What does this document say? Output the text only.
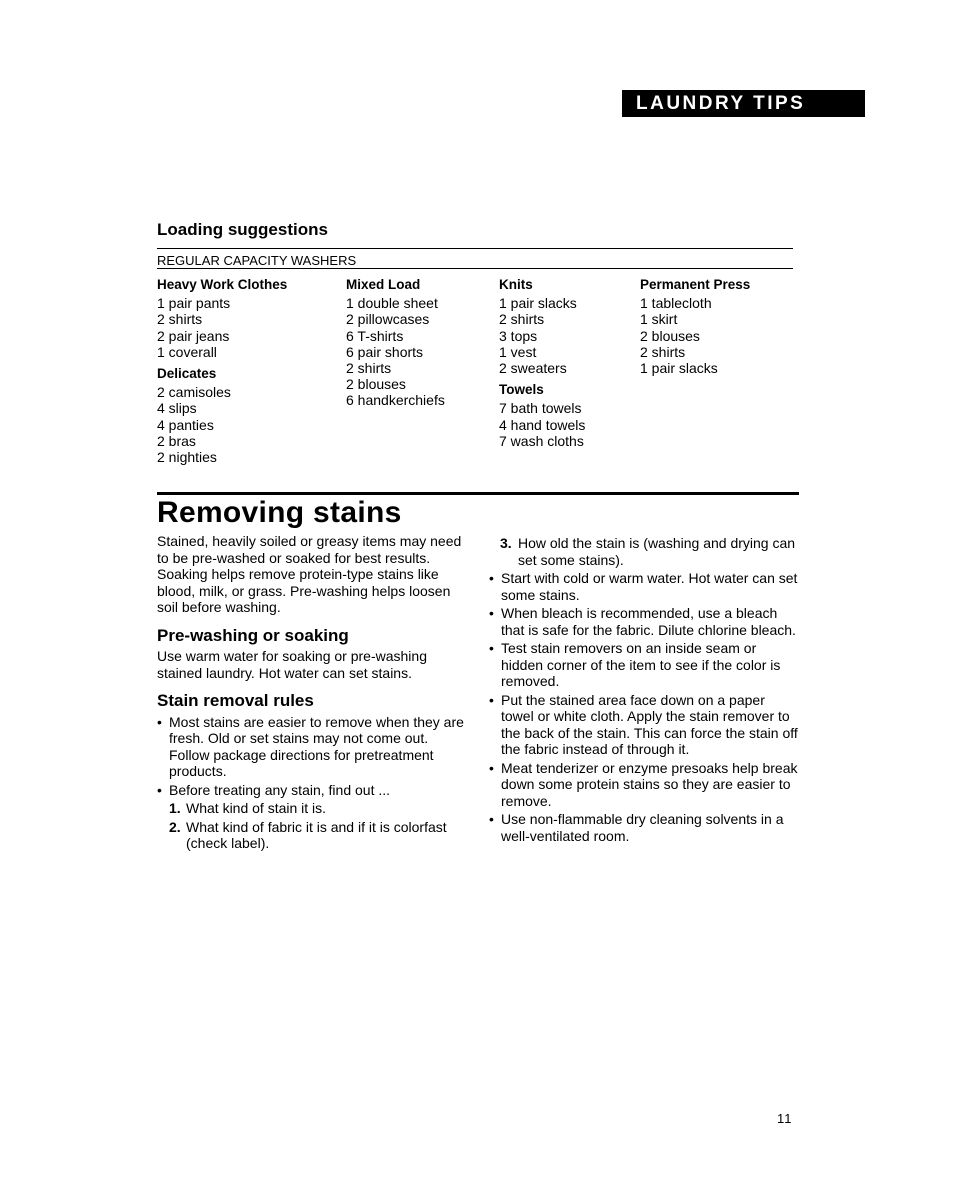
LAUNDRY TIPS
Loading suggestions
REGULAR CAPACITY WASHERS
Heavy Work Clothes
1 pair pants
2 shirts
2 pair jeans
1 coverall
Delicates
2 camisoles
4 slips
4 panties
2 bras
2 nighties
Mixed Load
1 double sheet
2 pillowcases
6 T-shirts
6 pair shorts
2 shirts
2 blouses
6 handkerchiefs
Knits
1 pair slacks
2 shirts
3 tops
1 vest
2 sweaters
Towels
7 bath towels
4 hand towels
7 wash cloths
Permanent Press
1 tablecloth
1 skirt
2 blouses
2 shirts
1 pair slacks
Removing stains

Stained, heavily soiled or greasy items may need to be pre-washed or soaked for best results. Soaking helps remove protein-type stains like blood, milk, or grass. Pre-washing helps loosen soil before washing.

Pre-washing or soaking

Use warm water for soaking or pre-washing stained laundry. Hot water can set stains.

Stain removal rules

• Most stains are easier to remove when they are fresh. Old or set stains may not come out. Follow package directions for pretreatment products.

• Before treating any stain, find out ...

1. What kind of stain it is.

2. What kind of fabric it is and if it is colorfast (check label).

3. How old the stain is (washing and drying can set some stains).

• Start with cold or warm water. Hot water can set some stains.

• When bleach is recommended, use a bleach that is safe for the fabric. Dilute chlorine bleach.

• Test stain removers on an inside seam or hidden corner of the item to see if the color is removed.

• Put the stained area face down on a paper towel or white cloth. Apply the stain remover to the back of the stain. This can force the stain off the fabric instead of through it.

• Meat tenderizer or enzyme presoaks help break down some protein stains so they are easier to remove.

• Use non-flammable dry cleaning solvents in a well-ventilated room.

11
